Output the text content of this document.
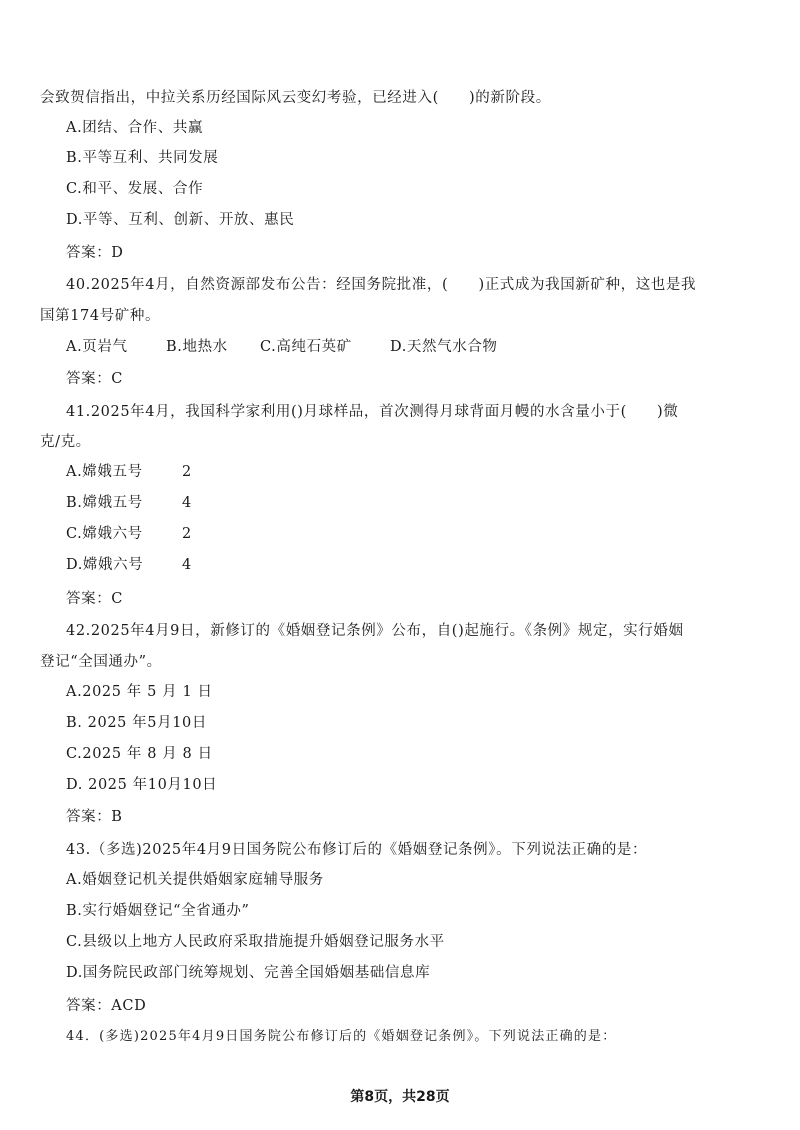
会致贺信指出，中拉关系历经国际风云变幻考验，已经进入(　　)的新阶段。
A.团结、合作、共赢
B.平等互利、共同发展
C.和平、发展、合作
D.平等、互利、创新、开放、惠民
答案：D
40.2025年4月，自然资源部发布公告：经国务院批准，(　　)正式成为我国新矿种，这也是我
国第174号矿种。
A.页岩气	B.地热水 C.高纯石英矿	D.天然气水合物
答案：C
41.2025年4月，我国科学家利用()月球样品，首次测得月球背面月幔的水含量小于(　　)微
克/克。
A.嫦娥五号	2
B.嫦娥五号	4
C.嫦娥六号	2
D.嫦娥六号	4
答案：C
42.2025年4月9日，新修订的《婚姻登记条例》公布，自()起施行。《条例》规定，实行婚姻
登记“全国通办”。
A.2025 年 5 月 1 日
B. 2025 年5月10日
C.2025 年 8 月 8 日
D. 2025 年10月10日
答案：B
43.（多选)2025年4月9日国务院公布修订后的《婚姻登记条例》。下列说法正确的是：
A.婚姻登记机关提供婚姻家庭辅导服务
B.实行婚姻登记“全省通办”
C.县级以上地方人民政府采取措施提升婚姻登记服务水平
D.国务院民政部门统筹规划、完善全国婚姻基础信息库
答案：ACD
44．(多选)2025年4月9日国务院公布修订后的《婚姻登记条例》。下列说法正确的是：
第8页，共28页
